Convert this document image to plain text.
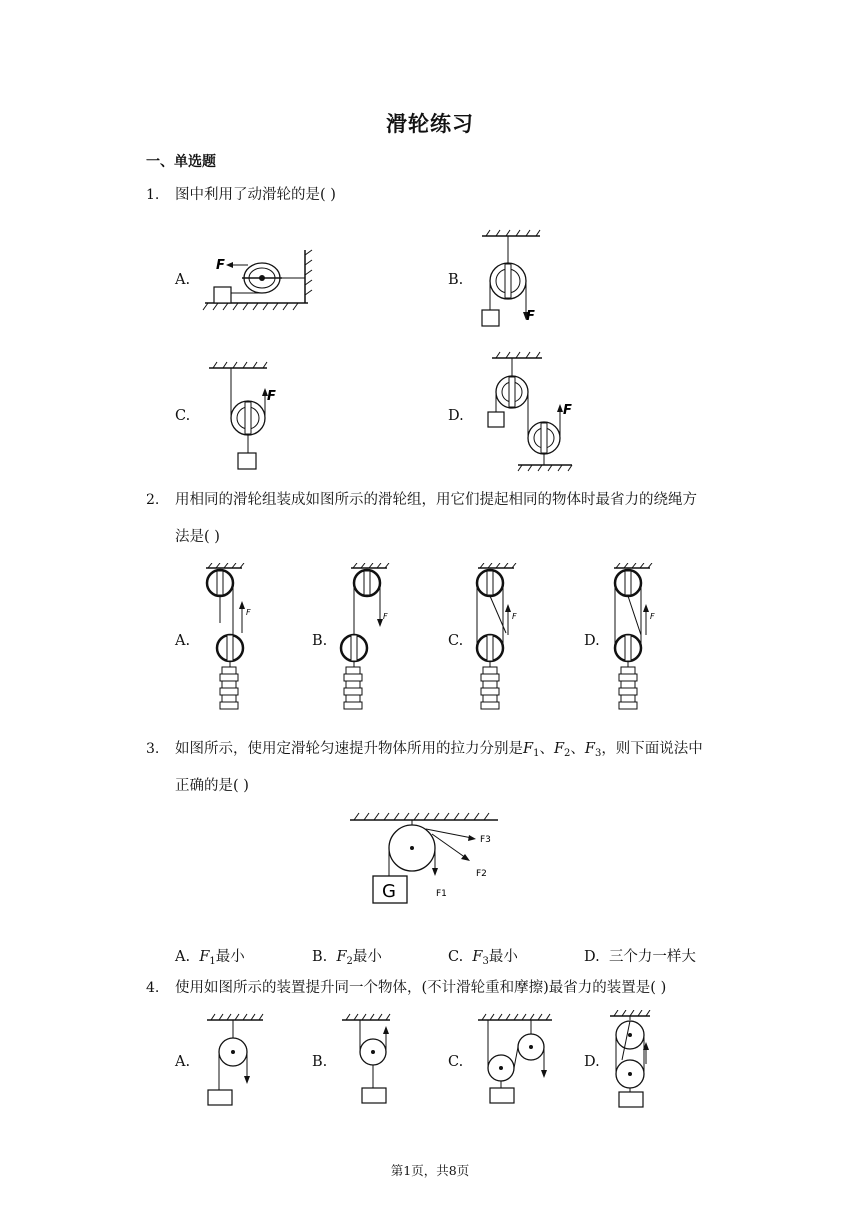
滑轮练习
一、单选题
1. 图中利用了动滑轮的是( )
A.
F
B.
F
C.
F
D.	F
2. 用相同的滑轮组装成如图所示的滑轮组，用它们提起相同的物体时最省力的绕绳方
法是( )
A.
F
B.
F
C.
F
D.
F
3. 如图所示，使用定滑轮匀速提升物体所用的拉力分别是$F_1$、$F_2$、$F_3$，则下面说法中
正确的是( )
G	F1
F2
F3
A. $F_1$最小	B. $F_2$最小	C. $F_3$最小	D. 三个力一样大
4. 使用如图所示的装置提升同一个物体，(不计滑轮重和摩擦)最省力的装置是( )
A.	B.	C.	D.
第1页，共8页
